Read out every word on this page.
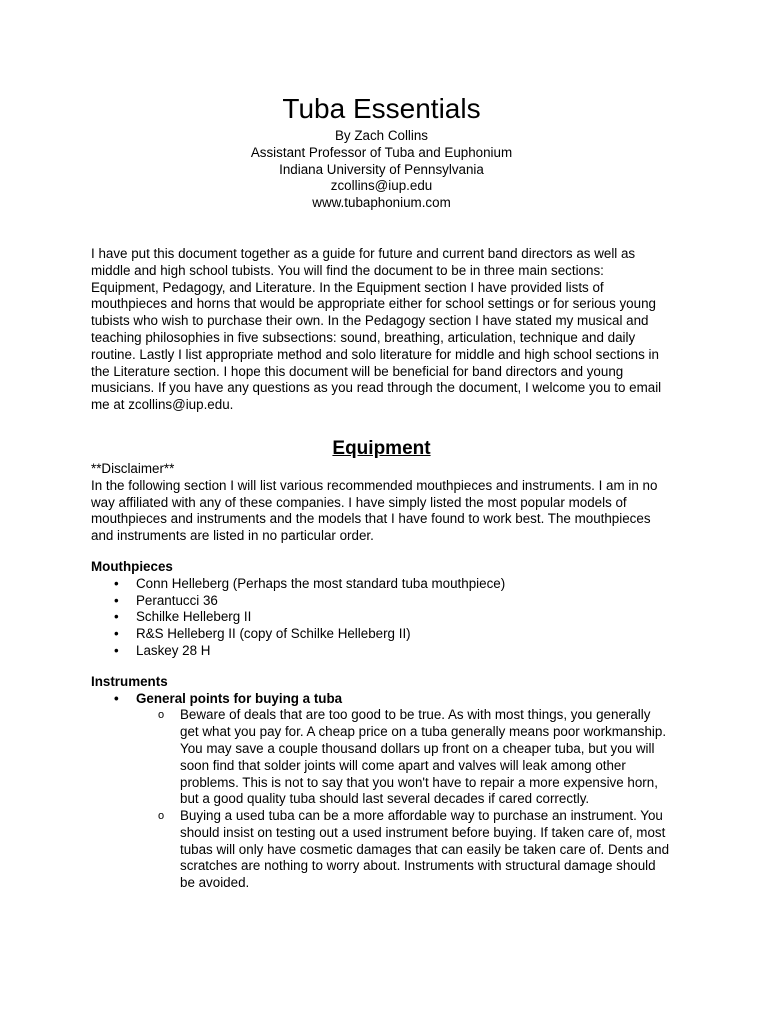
Tuba Essentials
By Zach Collins
Assistant Professor of Tuba and Euphonium
Indiana University of Pennsylvania
zcollins@iup.edu
www.tubaphonium.com

I have put this document together as a guide for future and current band directors as well as middle and high school tubists. You will find the document to be in three main sections: Equipment, Pedagogy, and Literature. In the Equipment section I have provided lists of mouthpieces and horns that would be appropriate either for school settings or for serious young tubists who wish to purchase their own. In the Pedagogy section I have stated my musical and teaching philosophies in five subsections: sound, breathing, articulation, technique and daily routine. Lastly I list appropriate method and solo literature for middle and high school sections in the Literature section. I hope this document will be beneficial for band directors and young musicians. If you have any questions as you read through the document, I welcome you to email me at zcollins@iup.edu.

Equipment
**Disclaimer**

In the following section I will list various recommended mouthpieces and instruments. I am in no way affiliated with any of these companies. I have simply listed the most popular models of mouthpieces and instruments and the models that I have found to work best. The mouthpieces and instruments are listed in no particular order.

Mouthpieces
• Conn Helleberg (Perhaps the most standard tuba mouthpiece)
• Perantucci 36
• Schilke Helleberg II
• R&S Helleberg II (copy of Schilke Helleberg II)
• Laskey 28 H
Instruments
• General points for buying a tuba
o Beware of deals that are too good to be true. As with most things, you generally get what you pay for. A cheap price on a tuba generally means poor workmanship. You may save a couple thousand dollars up front on a cheaper tuba, but you will soon find that solder joints will come apart and valves will leak among other problems. This is not to say that you won't have to repair a more expensive horn, but a good quality tuba should last several decades if cared correctly.
o Buying a used tuba can be a more affordable way to purchase an instrument. You should insist on testing out a used instrument before buying. If taken care of, most tubas will only have cosmetic damages that can easily be taken care of. Dents and scratches are nothing to worry about. Instruments with structural damage should be avoided.
